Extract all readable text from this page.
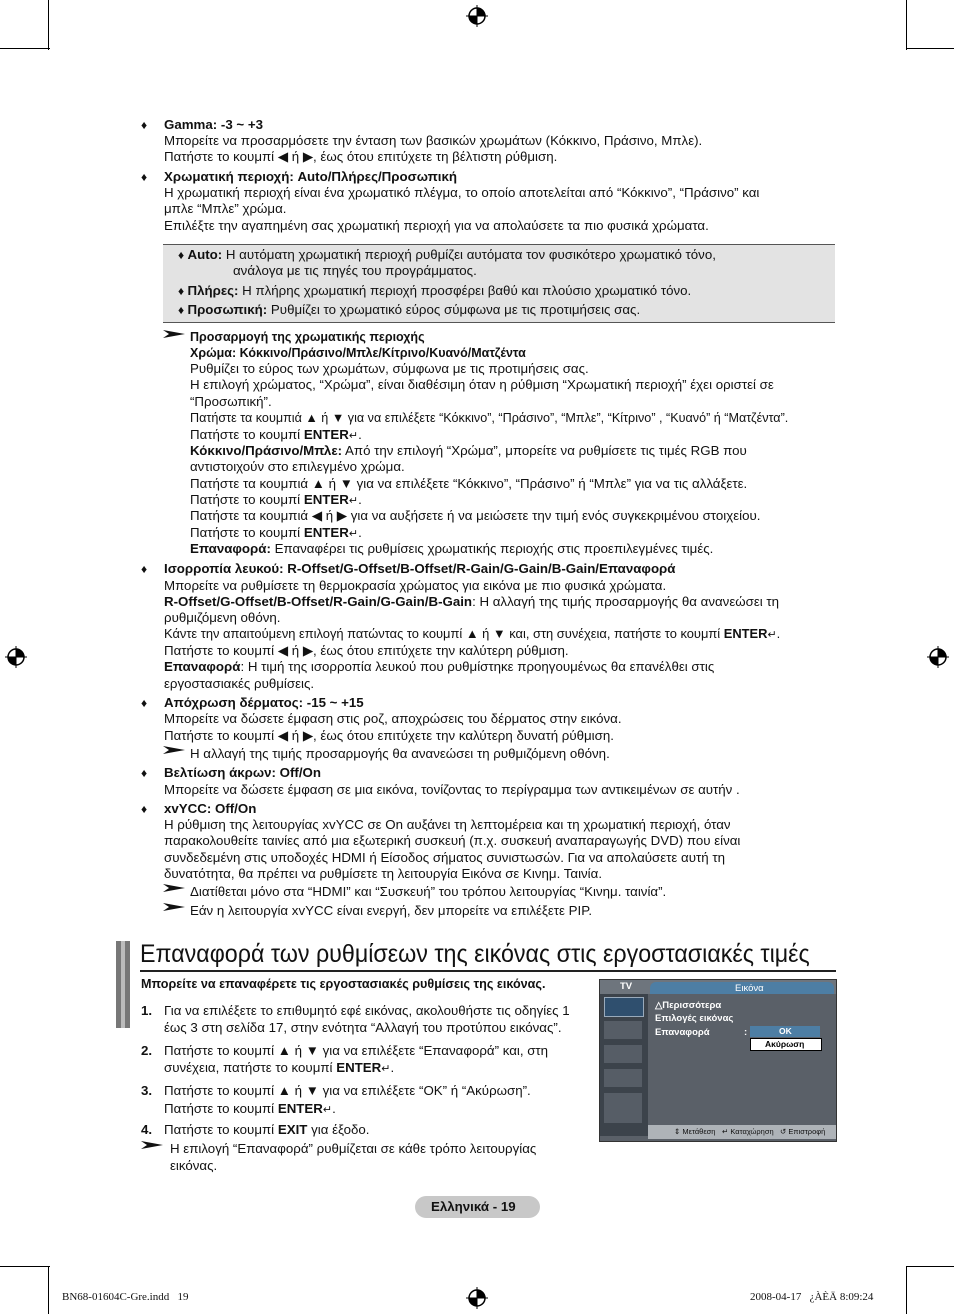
♦ Gamma: -3 ~ +3
Μπορείτε να προσαρμόσετε την ένταση των βασικών χρωμάτων (Κόκκινο, Πράσινο, Μπλε).
Πατήστε το κουμπί ◀ ή ▶, έως ότου επιτύχετε τη βέλτιστη ρύθμιση.
♦ Χρωματική περιοχή: Auto/Πλήρες/Προσωπική
Η χρωματική περιοχή είναι ένα χρωματικό πλέγμα, το οποίο αποτελείται από “Κόκκινο”, “Πράσινο” και
μπλε “Μπλε” χρώμα.
Επιλέξτε την αγαπημένη σας χρωματική περιοχή για να απολαύσετε τα πιο φυσικά χρώματα.
♦ Auto: Η αυτόματη χρωματική περιοχή ρυθμίζει αυτόματα τον φυσικότερο χρωματικό τόνο,
ανάλογα με τις πηγές του προγράμματος.
♦ Πλήρες: Η πλήρης χρωματική περιοχή προσφέρει βαθύ και πλούσιο χρωματικό τόνο.
♦ Προσωπική: Ρυθμίζει το χρωματικό εύρος σύμφωνα με τις προτιμήσεις σας.
Προσαρμογή της χρωματικής περιοχής
Χρώμα: Κόκκινο/Πράσινο/Μπλε/Κίτρινο/Κυανό/Ματζέντα
Ρυθμίζει το εύρος των χρωμάτων, σύμφωνα με τις προτιμήσεις σας.
Η επιλογή χρώματος, “Χρώμα”, είναι διαθέσιμη όταν η ρύθμιση “Χρωματική περιοχή” έχει οριστεί σε
“Προσωπική”.
Πατήστε τα κουμπιά ▲ ή ▼ για να επιλέξετε “Κόκκινο”, “Πράσινο”, “Μπλε”, “Κίτρινο” , “Κυανό” ή “Ματζέντα”.
Πατήστε το κουμπί ENTER↵.
Κόκκινο/Πράσινο/Μπλε: Από την επιλογή “Χρώμα”, μπορείτε να ρυθμίσετε τις τιμές RGB που
αντιστοιχούν στο επιλεγμένο χρώμα.
Πατήστε τα κουμπιά ▲ ή ▼ για να επιλέξετε “Κόκκινο”, “Πράσινο” ή “Μπλε” για να τις αλλάξετε.
Πατήστε το κουμπί ENTER↵.
Πατήστε τα κουμπιά ◀ ή ▶ για να αυξήσετε ή να μειώσετε την τιμή ενός συγκεκριμένου στοιχείου.
Πατήστε το κουμπί ENTER↵.
Επαναφορά: Επαναφέρει τις ρυθμίσεις χρωματικής περιοχής στις προεπιλεγμένες τιμές.
♦ Ισορροπία λευκού: R-Offset/G-Offset/B-Offset/R-Gain/G-Gain/B-Gain/Επαναφορά
Μπορείτε να ρυθμίσετε τη θερμοκρασία χρώματος για εικόνα με πιο φυσικά χρώματα.
R-Offset/G-Offset/B-Offset/R-Gain/G-Gain/B-Gain: Η αλλαγή της τιμής προσαρμογής θα ανανεώσει τη
ρυθμιζόμενη οθόνη.
Κάντε την απαιτούμενη επιλογή πατώντας το κουμπί ▲ ή ▼ και, στη συνέχεια, πατήστε το κουμπί ENTER↵.
Πατήστε το κουμπί ◀ ή ▶, έως ότου επιτύχετε την καλύτερη ρύθμιση.
Επαναφορά: Η τιμή της ισορροπία λευκού που ρυθμίστηκε προηγουμένως θα επανέλθει στις
εργοστασιακές ρυθμίσεις.
♦ Απόχρωση δέρματος: -15 ~ +15
Μπορείτε να δώσετε έμφαση στις ροζ, αποχρώσεις του δέρματος στην εικόνα.
Πατήστε το κουμπί ◀ ή ▶, έως ότου επιτύχετε την καλύτερη δυνατή ρύθμιση.
Η αλλαγή της τιμής προσαρμογής θα ανανεώσει τη ρυθμιζόμενη οθόνη.
♦ Βελτίωση άκρων: Off/On
Μπορείτε να δώσετε έμφαση σε μια εικόνα, τονίζοντας το περίγραμμα των αντικειμένων σε αυτήν .
♦ xvYCC: Off/On
Η ρύθμιση της λειτουργίας xvYCC σε On αυξάνει τη λεπτομέρεια και τη χρωματική περιοχή, όταν
παρακολουθείτε ταινίες από μια εξωτερική συσκευή (π.χ. συσκευή αναπαραγωγής DVD) που είναι
συνδεδεμένη στις υποδοχές HDMI ή Είσοδος σήματος συνιστωσών. Για να απολαύσετε αυτή τη
δυνατότητα, θα πρέπει να ρυθμίσετε τη λειτουργία Εικόνα σε Κινημ. Ταινία.
Διατίθεται μόνο στα “HDMI” και “Συσκευή” του τρόπου λειτουργίας “Κινημ. ταινία”.
Εάν η λειτουργία xvYCC είναι ενεργή, δεν μπορείτε να επιλέξετε PIP.
Επαναφορά των ρυθμίσεων της εικόνας στις εργοστασιακές τιμές
Μπορείτε να επαναφέρετε τις εργοστασιακές ρυθμίσεις της εικόνας.
1. Για να επιλέξετε το επιθυμητό εφέ εικόνας, ακολουθήστε τις οδηγίες 1
έως 3 στη σελίδα 17, στην ενότητα “Αλλαγή του προτύπου εικόνας”.
2. Πατήστε το κουμπί ▲ ή ▼ για να επιλέξετε “Επαναφορά” και, στη
συνέχεια, πατήστε το κουμπί ENTER↵.
3. Πατήστε το κουμπί ▲ ή ▼ για να επιλέξετε “OK” ή “Ακύρωση”.
Πατήστε το κουμπί ENTER↵.
4. Πατήστε το κουμπί EXIT για έξοδο.
Η επιλογή “Επαναφορά” ρυθμίζεται σε κάθε τρόπο λειτουργίας
εικόνας.
TV	Εικόνα
△Περισσότερα
Επιλογές εικόνας
Επαναφορά	:	OK
Ακύρωση
⇕ Μετάθεση ↵ Καταχώρηση ↺ Επιστροφή
Ελληνικά - 19
BN68-01604C-Gre.indd   19	2008-04-17   ¿ÀÈÄ 8:09:24
